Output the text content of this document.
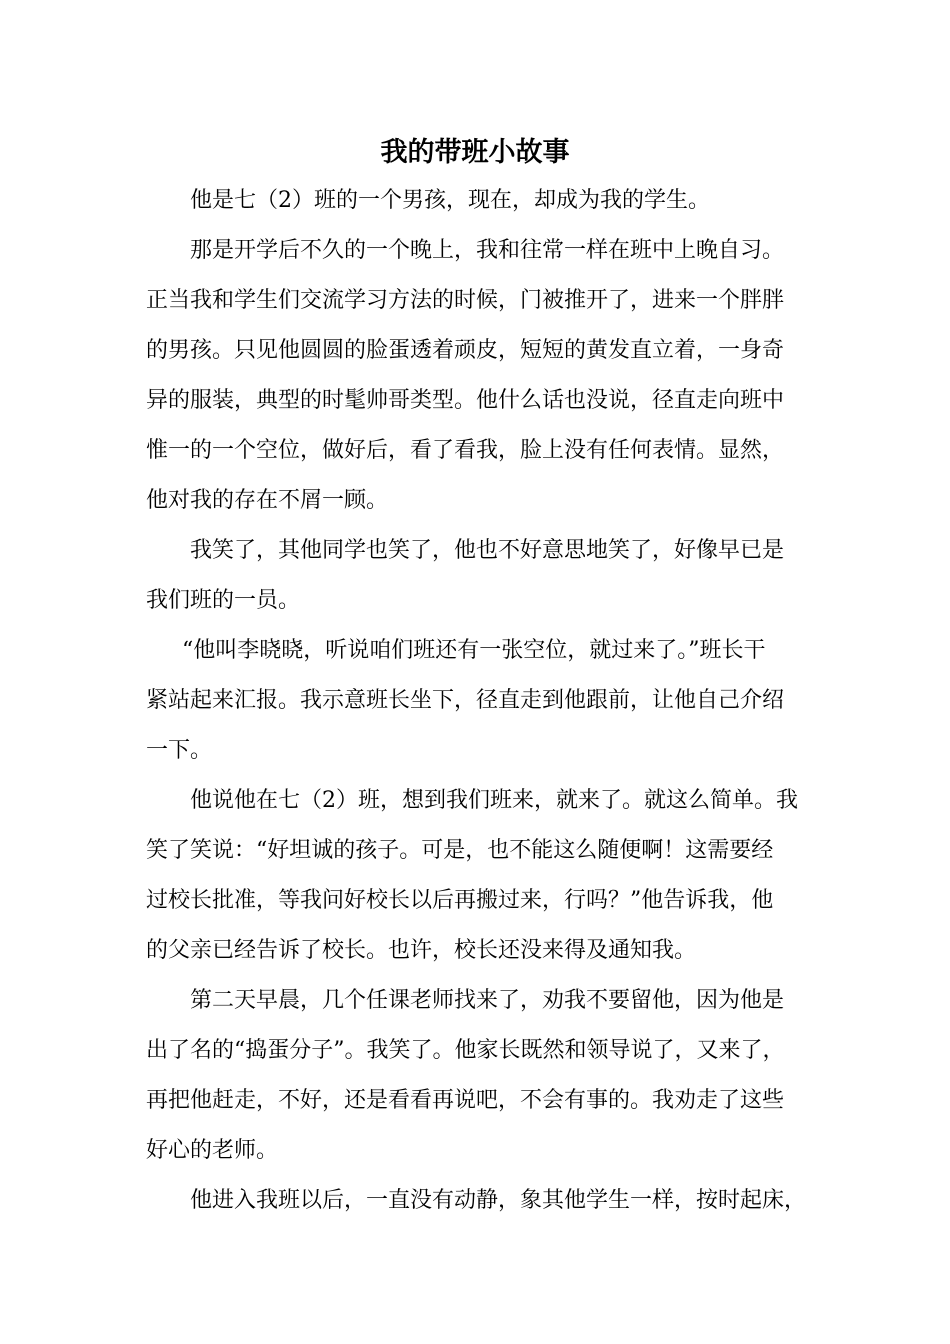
我的带班小故事
他是七（2）班的一个男孩，现在，却成为我的学生。
那是开学后不久的一个晚上，我和往常一样在班中上晚自习。
正当我和学生们交流学习方法的时候，门被推开了，进来一个胖胖
的男孩。只见他圆圆的脸蛋透着顽皮，短短的黄发直立着，一身奇
异的服装，典型的时髦帅哥类型。他什么话也没说，径直走向班中
惟一的一个空位，做好后，看了看我，脸上没有任何表情。显然，
他对我的存在不屑一顾。
我笑了，其他同学也笑了，他也不好意思地笑了，好像早已是
我们班的一员。
“他叫李晓晓，听说咱们班还有一张空位，就过来了。”班长干
紧站起来汇报。我示意班长坐下，径直走到他跟前，让他自己介绍
一下。
他说他在七（2）班，想到我们班来，就来了。就这么简单。我
笑了笑说：“好坦诚的孩子。可是，也不能这么随便啊！这需要经
过校长批准，等我问好校长以后再搬过来，行吗？”他告诉我，他
的父亲已经告诉了校长。也许，校长还没来得及通知我。
第二天早晨，几个任课老师找来了，劝我不要留他，因为他是
出了名的“捣蛋分子”。我笑了。他家长既然和领导说了，又来了，
再把他赶走，不好，还是看看再说吧，不会有事的。我劝走了这些
好心的老师。
他进入我班以后，一直没有动静，象其他学生一样，按时起床，
